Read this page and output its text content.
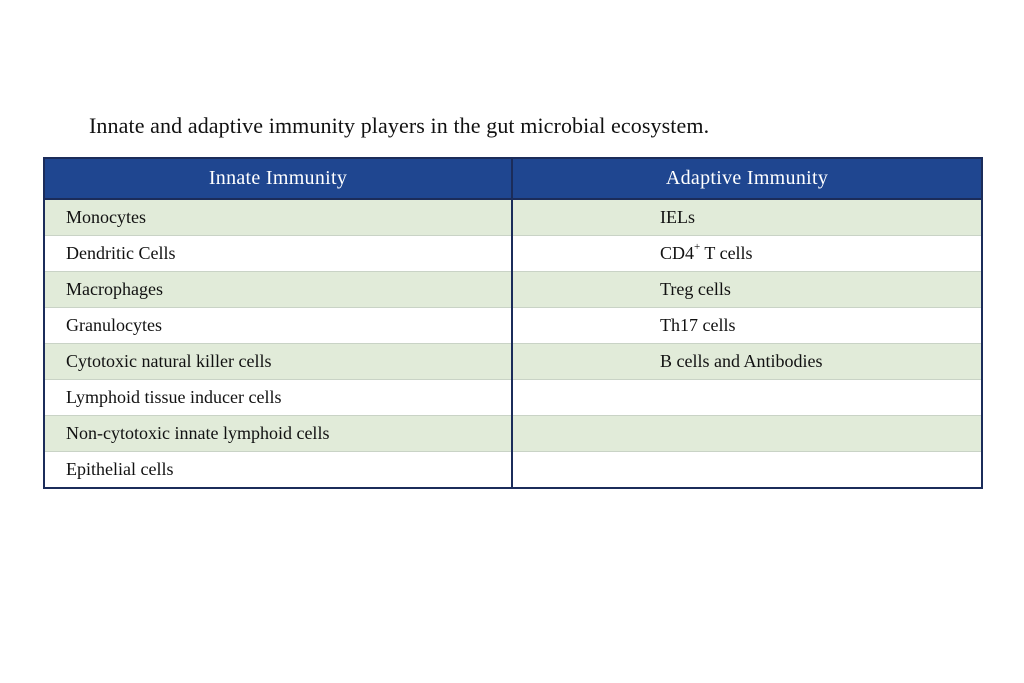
Innate and adaptive immunity players in the gut microbial ecosystem.
Innate Immunity	Adaptive Immunity
Monocytes	IELs
Dendritic Cells	CD4+ T cells
Macrophages	Treg cells
Granulocytes	Th17 cells
Cytotoxic natural killer cells	B cells and Antibodies
Lymphoid tissue inducer cells	
Non-cytotoxic innate lymphoid cells	
Epithelial cells	
